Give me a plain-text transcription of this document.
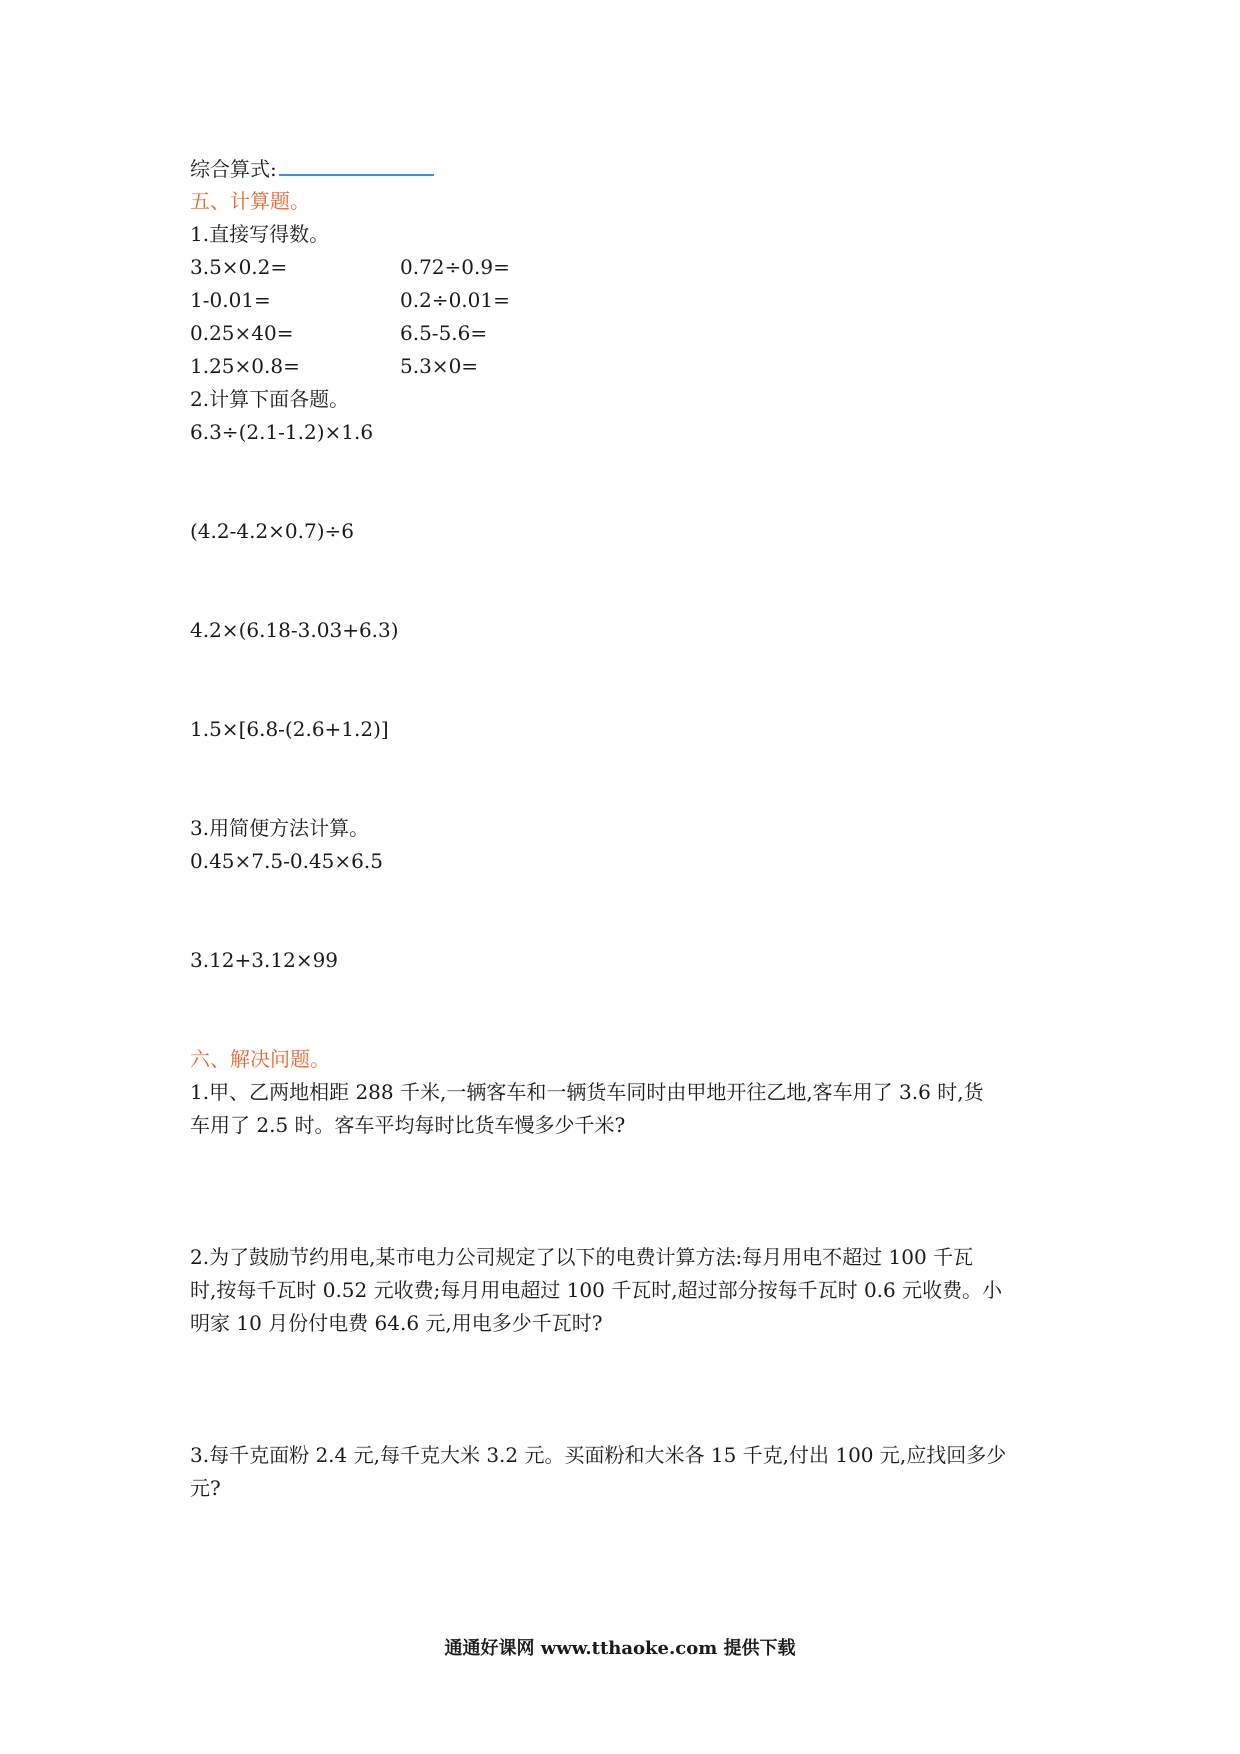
综合算式:
五、计算题。
1.直接写得数。
3.5×0.2=	0.72÷0.9=
1-0.01=	0.2÷0.01=
0.25×40=	6.5-5.6=
1.25×0.8=	5.3×0=
2.计算下面各题。
6.3÷(2.1-1.2)×1.6
(4.2-4.2×0.7)÷6
4.2×(6.18-3.03+6.3)
1.5×[6.8-(2.6+1.2)]
3.用简便方法计算。
0.45×7.5-0.45×6.5
3.12+3.12×99
六、解决问题。
1.甲、乙两地相距 288 千米,一辆客车和一辆货车同时由甲地开往乙地,客车用了 3.6 时,货
车用了 2.5 时。客车平均每时比货车慢多少千米?
2.为了鼓励节约用电,某市电力公司规定了以下的电费计算方法:每月用电不超过 100 千瓦
时,按每千瓦时 0.52 元收费;每月用电超过 100 千瓦时,超过部分按每千瓦时 0.6 元收费。小
明家 10 月份付电费 64.6 元,用电多少千瓦时?
3.每千克面粉 2.4 元,每千克大米 3.2 元。买面粉和大米各 15 千克,付出 100 元,应找回多少
元?
通通好课网 www.tthaoke.com 提供下载
